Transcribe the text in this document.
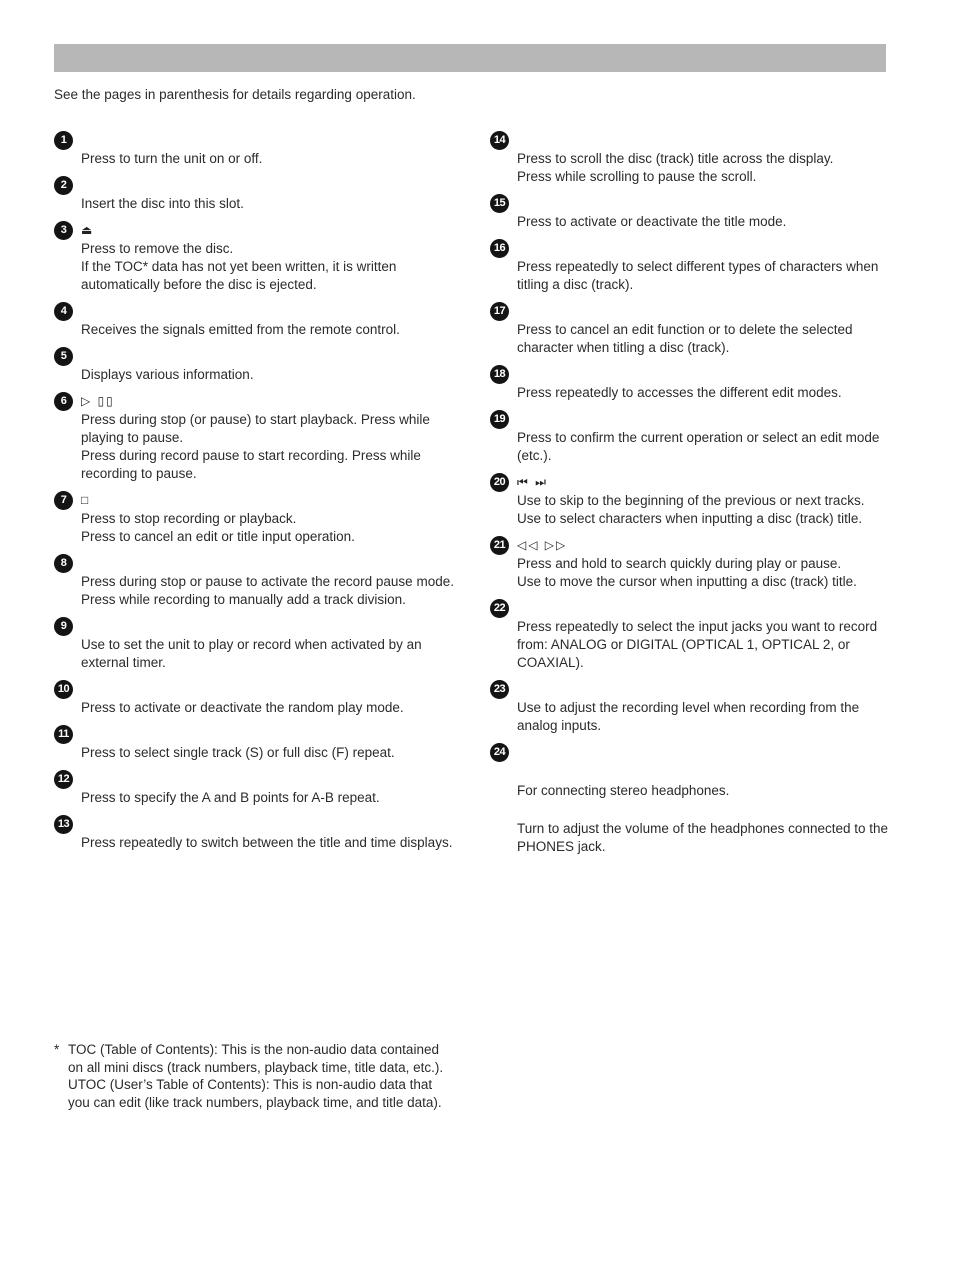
See the pages in parenthesis for details regarding operation.
1
Press to turn the unit on or off.
2
Insert the disc into this slot.
3	⏏
Press to remove the disc.
If the TOC* data has not yet been written, it is written automatically before the disc is ejected.
4
Receives the signals emitted from the remote control.
5
Displays various information.
6	▷ ▯▯
Press during stop (or pause) to start playback. Press while playing to pause.
Press during record pause to start recording. Press while recording to pause.
7	□
Press to stop recording or playback.
Press to cancel an edit or title input operation.
8
Press during stop or pause to activate the record pause mode.
Press while recording to manually add a track division.
9
Use to set the unit to play or record when activated by an external timer.
10
Press to activate or deactivate the random play mode.
11
Press to select single track (S) or full disc (F) repeat.
12
Press to specify the A and B points for A-B repeat.
13
Press repeatedly to switch between the title and time displays.
14
Press to scroll the disc (track) title across the display.
Press while scrolling to pause the scroll.
15
Press to activate or deactivate the title mode.
16
Press repeatedly to select different types of characters when titling a disc (track).
17
Press to cancel an edit function or to delete the selected character when titling a disc (track).
18
Press repeatedly to accesses the different edit modes.
19
Press to confirm the current operation or select an edit mode (etc.).
20 ⏮ ⏭
Use to skip to the beginning of the previous or next tracks.
Use to select characters when inputting a disc (track) title.
21 ◁◁ ▷▷
Press and hold to search quickly during play or pause.
Use to move the cursor when inputting a disc (track) title.
22
Press repeatedly to select the input jacks you want to record from: ANALOG or DIGITAL (OPTICAL 1, OPTICAL 2, or COAXIAL).
23
Use to adjust the recording level when recording from the analog inputs.
24
For connecting stereo headphones.
Turn to adjust the volume of the headphones connected to the PHONES jack.
* TOC (Table of Contents): This is the non-audio data contained on all mini discs (track numbers, playback time, title data, etc.).
UTOC (User’s Table of Contents): This is non-audio data that you can edit (like track numbers, playback time, and title data).
